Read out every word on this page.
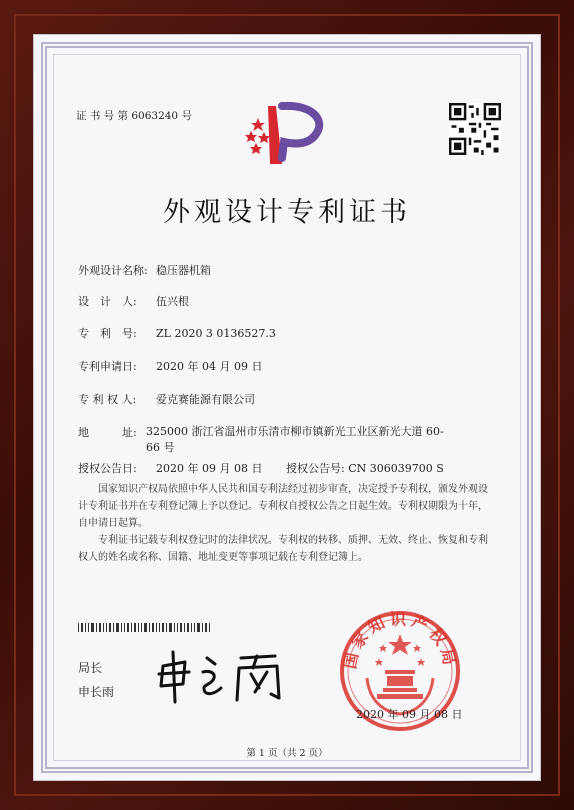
证 书 号 第 6063240 号
外观设计专利证书
外观设计名称: 稳压器机箱
设　计　人: 伍兴根
专　利　号: ZL 2020 3 0136527.3
专利申请日: 2020 年 04 月 09 日
专 利 权 人: 爱克赛能源有限公司
地　　　址: 325000 浙江省温州市乐清市柳市镇新光工业区新光大道 60-66 号
授权公告日: 2020 年 09 月 08 日 授权公告号: CN 306039700 S
国家知识产权局依照中华人民共和国专利法经过初步审查，决定授予专利权，颁发外观设计专利证书并在专利登记簿上予以登记。专利权自授权公告之日起生效。专利权期限为十年，自申请日起算。
专利证书记载专利权登记时的法律状况。专利权的转移、质押、无效、终止、恢复和专利权人的姓名或名称、国籍、地址变更等事项记载在专利登记簿上。
局长
申长雨
国家知识产权局
2020 年 09 月 08 日
第 1 页（共 2 页）
